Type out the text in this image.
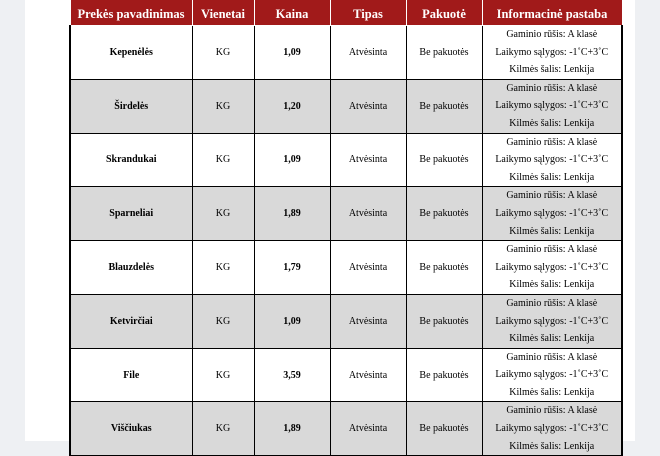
Prekės pavadinimas	Vienetai	Kaina	Tipas	Pakuotė	Informacinė pastaba
Kepenėlės	KG	1,09	Atvėsinta	Be pakuotės	Gaminio rūšis: A klasė
Laikymo sąlygos: -1˚C+3˚C
Kilmės šalis: Lenkija

Širdelės	KG	1,20	Atvėsinta	Be pakuotės	Gaminio rūšis: A klasė
Laikymo sąlygos: -1˚C+3˚C
Kilmės šalis: Lenkija

Skrandukai	KG	1,09	Atvėsinta	Be pakuotės	Gaminio rūšis: A klasė
Laikymo sąlygos: -1˚C+3˚C
Kilmės šalis: Lenkija

Sparneliai	KG	1,89	Atvėsinta	Be pakuotės	Gaminio rūšis: A klasė
Laikymo sąlygos: -1˚C+3˚C
Kilmės šalis: Lenkija

Blauzdelės	KG	1,79	Atvėsinta	Be pakuotės	Gaminio rūšis: A klasė
Laikymo sąlygos: -1˚C+3˚C
Kilmės šalis: Lenkija

Ketvirčiai	KG	1,09	Atvėsinta	Be pakuotės	Gaminio rūšis: A klasė
Laikymo sąlygos: -1˚C+3˚C
Kilmės šalis: Lenkija

File	KG	3,59	Atvėsinta	Be pakuotės	Gaminio rūšis: A klasė
Laikymo sąlygos: -1˚C+3˚C
Kilmės šalis: Lenkija

Viščiukas	KG	1,89	Atvėsinta	Be pakuotės	Gaminio rūšis: A klasė
Laikymo sąlygos: -1˚C+3˚C
Kilmės šalis: Lenkija
